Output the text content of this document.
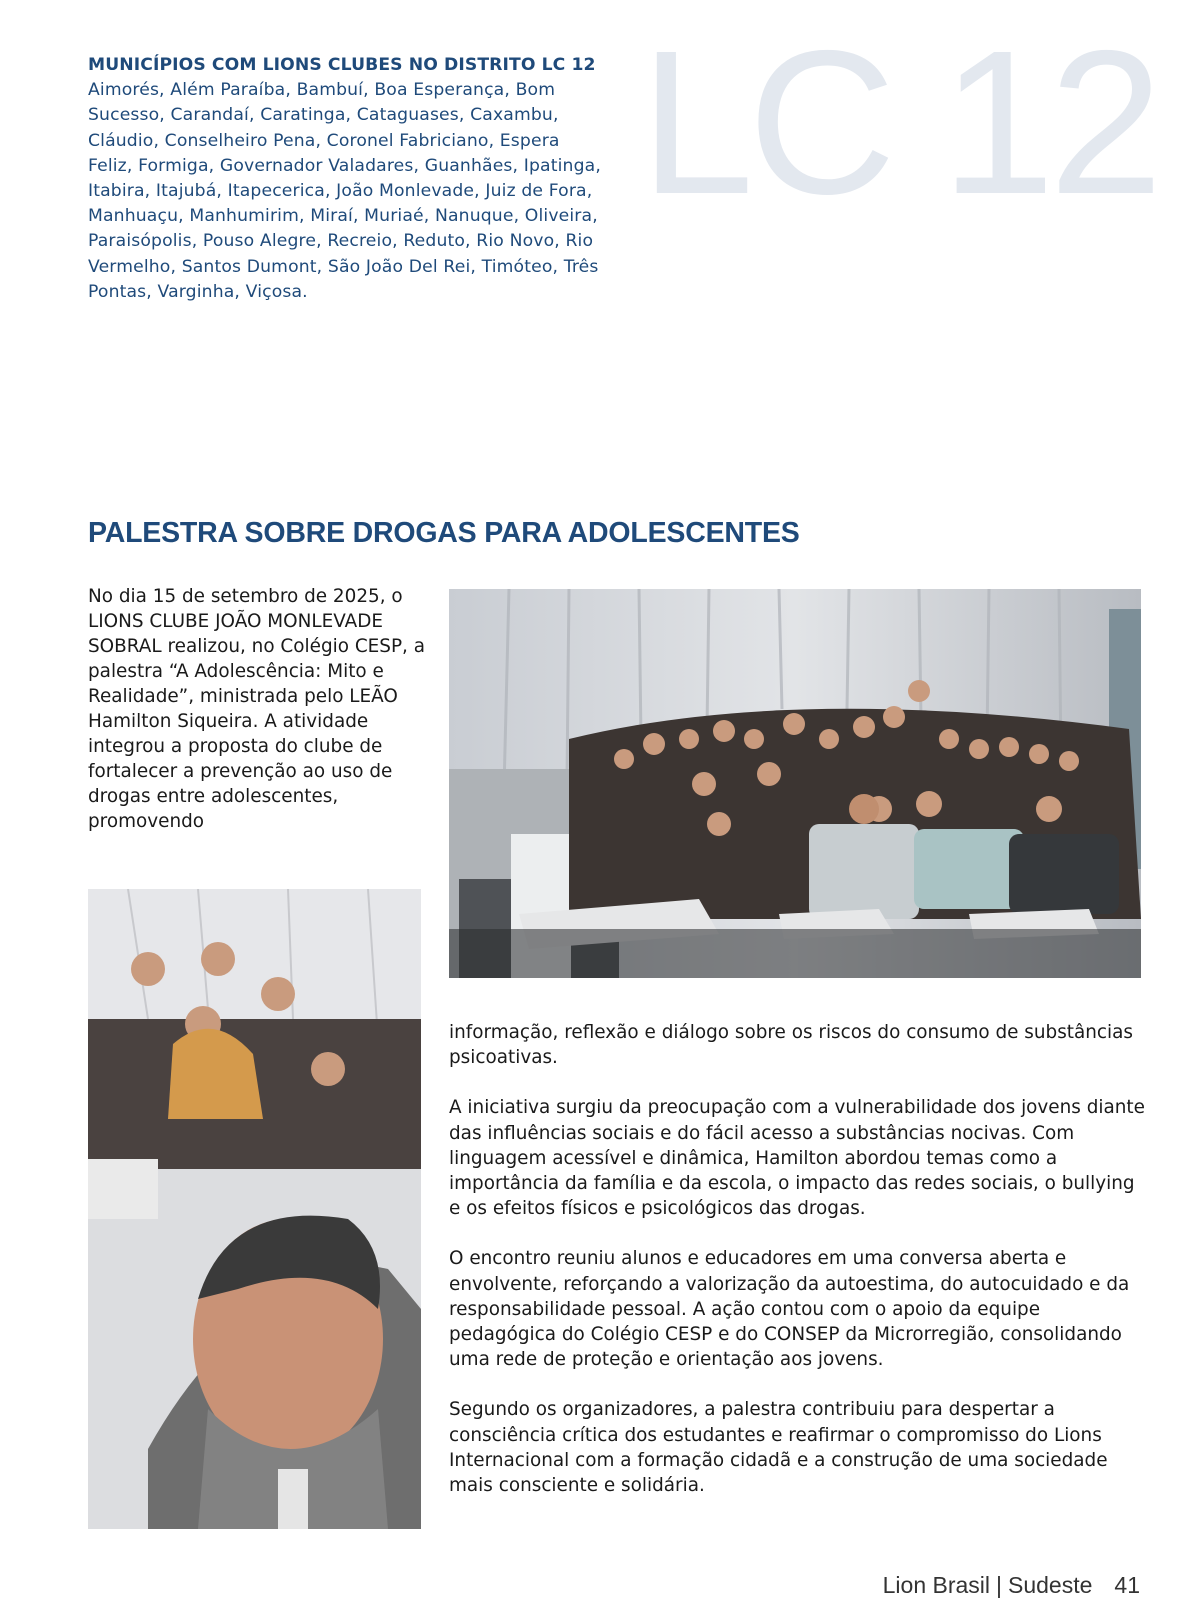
MUNICÍPIOS COM LIONS CLUBES NO DISTRITO LC 12
Aimorés, Além Paraíba, Bambuí, Boa Esperança, Bom Sucesso, Carandaí, Caratinga, Cataguases, Caxambu, Cláudio, Conselheiro Pena, Coronel Fabriciano, Espera Feliz, Formiga, Governador Valadares, Guanhães, Ipatinga, Itabira, Itajubá, Itapecerica, João Monlevade, Juiz de Fora, Manhuaçu, Manhumirim, Miraí, Muriaé, Nanuque, Oliveira, Paraisópolis, Pouso Alegre, Recreio, Reduto, Rio Novo, Rio Vermelho, Santos Dumont, São João Del Rei, Timóteo, Três Pontas, Varginha, Viçosa.
LC 12
PALESTRA SOBRE DROGAS PARA ADOLESCENTES
No dia 15 de setembro de 2025, o LIONS CLUBE JOÃO MONLEVADE SOBRAL realizou, no Colégio CESP, a palestra “A Adolescência: Mito e Realidade”, ministrada pelo LEÃO Hamilton Siqueira. A atividade integrou a proposta do clube de fortalecer a prevenção ao uso de drogas entre adolescentes, promovendo

informação, reflexão e diálogo sobre os riscos do consumo de substâncias psicoativas.

A iniciativa surgiu da preocupação com a vulnerabilidade dos jovens diante das influências sociais e do fácil acesso a substâncias nocivas. Com linguagem acessível e dinâmica, Hamilton abordou temas como a importância da família e da escola, o impacto das redes sociais, o bullying e os efeitos físicos e psicológicos das drogas.

O encontro reuniu alunos e educadores em uma conversa aberta e envolvente, reforçando a valorização da autoestima, do autocuidado e da responsabilidade pessoal. A ação contou com o apoio da equipe pedagógica do Colégio CESP e do CONSEP da Microrregião, consolidando uma rede de proteção e orientação aos jovens.

Segundo os organizadores, a palestra contribuiu para despertar a consciência crítica dos estudantes e reafirmar o compromisso do Lions Internacional com a formação cidadã e a construção de uma sociedade mais consciente e solidária.

Lion Brasil | Sudeste 41
